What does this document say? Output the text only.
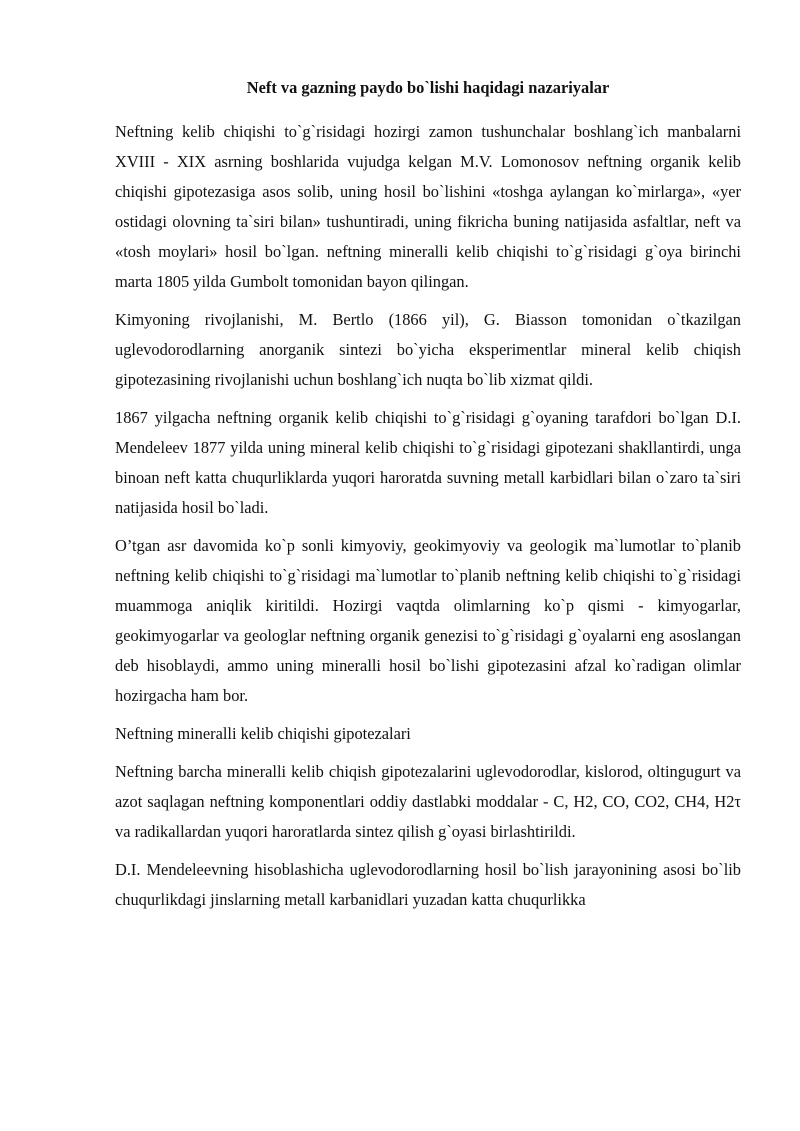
Neft va gazning paydo bo`lishi haqidagi nazariyalar

Neftning kelib chiqishi to`g`risidagi hozirgi zamon tushunchalar boshlang`ich manbalarni XVIII - XIX asrning boshlarida vujudga kelgan M.V. Lomonosov neftning organik kelib chiqishi gipotezasiga asos solib, uning hosil bo`lishini «toshga aylangan ko`mirlarga», «yer ostidagi olovning ta`siri bilan» tushuntiradi, uning fikricha buning natijasida asfaltlar, neft va «tosh moylari» hosil bo`lgan. neftning mineralli kelib chiqishi to`g`risidagi g`oya birinchi marta 1805 yilda Gumbolt tomonidan bayon qilingan.

Kimyoning rivojlanishi, M. Bertlo (1866 yil), G. Biasson tomonidan o`tkazilgan uglevodorodlarning anorganik sintezi bo`yicha eksperimentlar mineral kelib chiqish gipotezasining rivojlanishi uchun boshlang`ich nuqta bo`lib xizmat qildi.

1867 yilgacha neftning organik kelib chiqishi to`g`risidagi g`oyaning tarafdori bo`lgan D.I. Mendeleev 1877 yilda uning mineral kelib chiqishi to`g`risidagi gipotezani shakllantirdi, unga binoan neft katta chuqurliklarda yuqori haroratda suvning metall karbidlari bilan o`zaro ta`siri natijasida hosil bo`ladi.

O’tgan asr davomida ko`p sonli kimyoviy, geokimyoviy va geologik ma`lumotlar to`planib neftning kelib chiqishi to`g`risidagi ma`lumotlar to`planib neftning kelib chiqishi to`g`risidagi muammoga aniqlik kiritildi. Hozirgi vaqtda olimlarning ko`p qismi - kimyogarlar, geokimyogarlar va geologlar neftning organik genezisi to`g`risidagi g`oyalarni eng asoslangan deb hisoblaydi, ammo uning mineralli hosil bo`lishi gipotezasini afzal ko`radigan olimlar hozirgacha ham bor.

Neftning mineralli kelib chiqishi gipotezalari

Neftning barcha mineralli kelib chiqish gipotezalarini uglevodorodlar, kislorod, oltingugurt va azot saqlagan neftning komponentlari oddiy dastlabki moddalar - C, H2, CO, CO2, CH4, H2τ va radikallardan yuqori haroratlarda sintez qilish g`oyasi birlashtirildi.

D.I. Mendeleevning hisoblashicha uglevodorodlarning hosil bo`lish jarayonining asosi bo`lib chuqurlikdagi jinslarning metall karbanidlari yuzadan katta chuqurlikka
